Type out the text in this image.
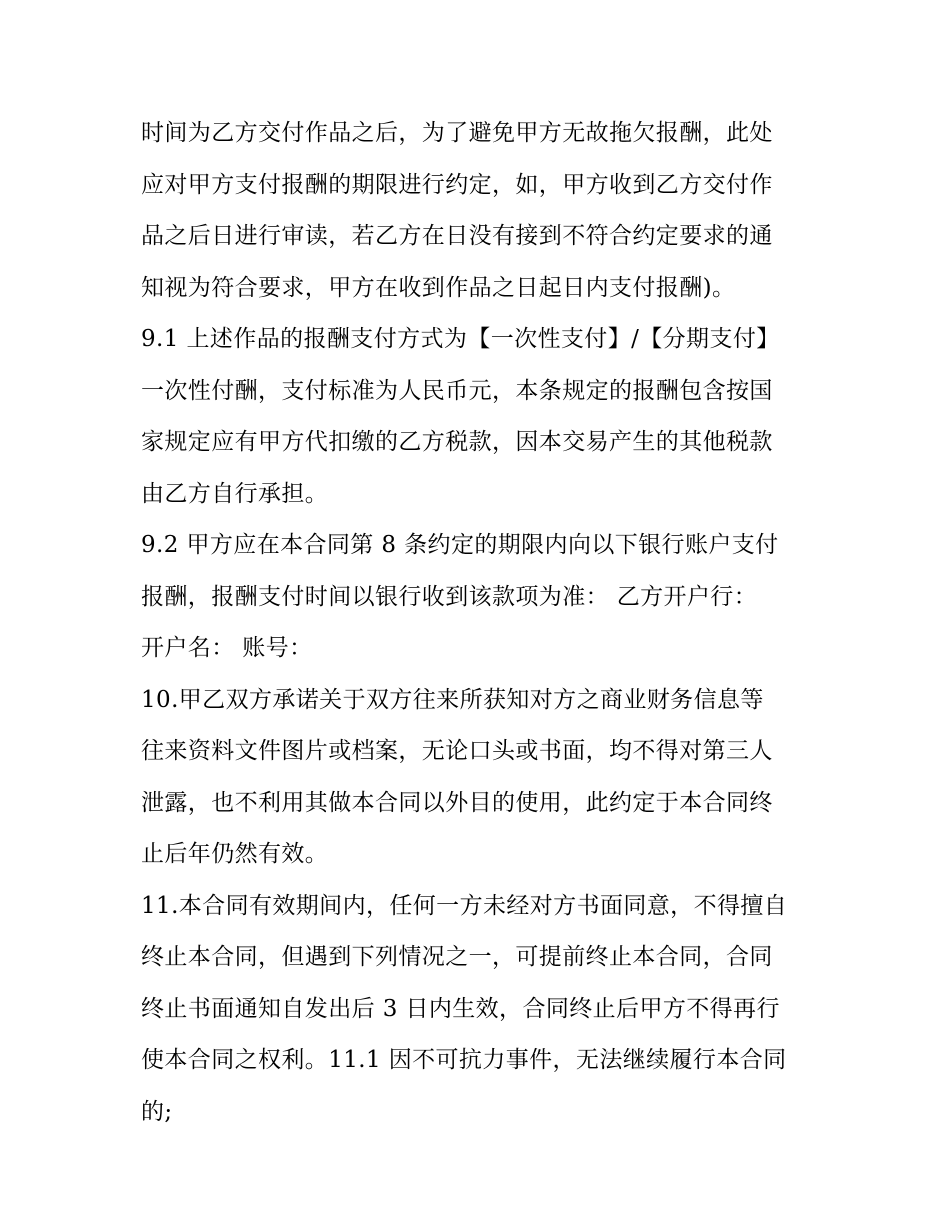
时间为乙方交付作品之后，为了避免甲方无故拖欠报酬，此处
应对甲方支付报酬的期限进行约定，如，甲方收到乙方交付作
品之后日进行审读，若乙方在日没有接到不符合约定要求的通
知视为符合要求，甲方在收到作品之日起日内支付报酬)。
9.1 上述作品的报酬支付方式为【一次性支付】/【分期支付】
一次性付酬，支付标准为人民币元，本条规定的报酬包含按国
家规定应有甲方代扣缴的乙方税款，因本交易产生的其他税款
由乙方自行承担。
9.2 甲方应在本合同第 8 条约定的期限内向以下银行账户支付
报酬，报酬支付时间以银行收到该款项为准： 乙方开户行：
开户名： 账号：
10.甲乙双方承诺关于双方往来所获知对方之商业财务信息等
往来资料文件图片或档案，无论口头或书面，均不得对第三人
泄露，也不利用其做本合同以外目的使用，此约定于本合同终
止后年仍然有效。
11.本合同有效期间内，任何一方未经对方书面同意，不得擅自
终止本合同，但遇到下列情况之一，可提前终止本合同，合同
终止书面通知自发出后 3 日内生效，合同终止后甲方不得再行
使本合同之权利。11.1 因不可抗力事件，无法继续履行本合同
的;
